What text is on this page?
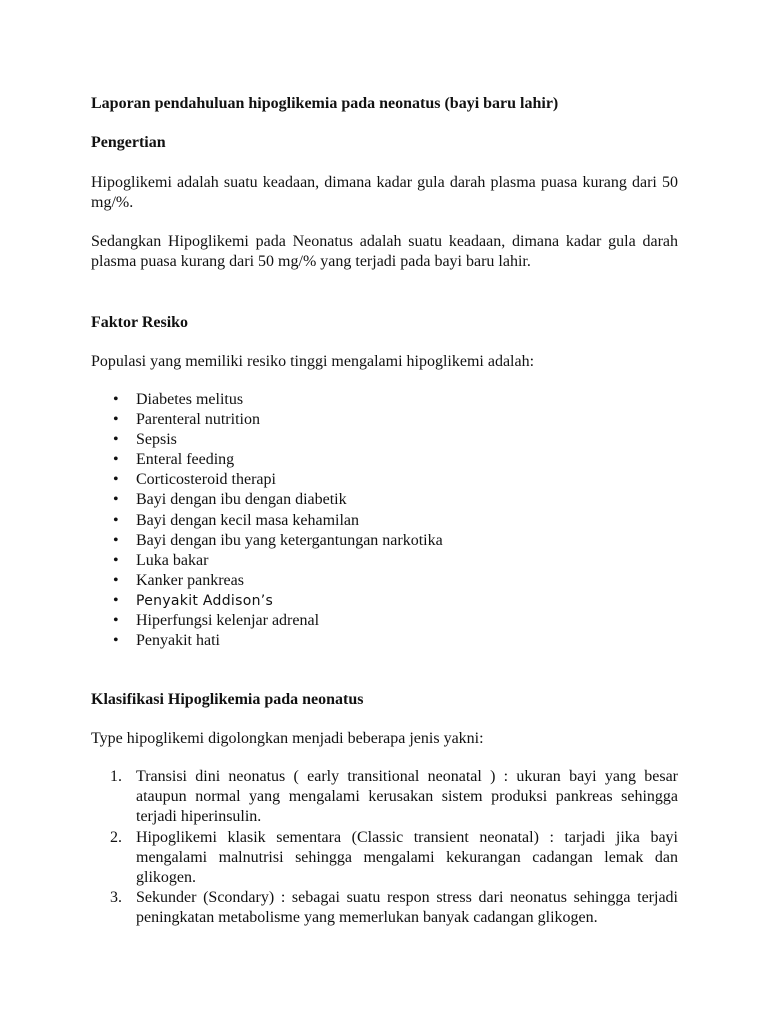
Laporan pendahuluan hipoglikemia pada neonatus (bayi baru lahir)
Pengertian
Hipoglikemi adalah suatu keadaan, dimana kadar gula darah plasma puasa kurang dari 50 mg/%.
Sedangkan Hipoglikemi pada Neonatus adalah suatu keadaan, dimana kadar gula darah plasma puasa kurang dari 50 mg/% yang terjadi pada bayi baru lahir.
Faktor Resiko
Populasi yang memiliki resiko tinggi mengalami hipoglikemi adalah:
• Diabetes melitus
• Parenteral nutrition
• Sepsis
• Enteral feeding
• Corticosteroid therapi
• Bayi dengan ibu dengan diabetik
• Bayi dengan kecil masa kehamilan
• Bayi dengan ibu yang ketergantungan narkotika
• Luka bakar
• Kanker pankreas
• Penyakit Addison’s
• Hiperfungsi kelenjar adrenal
• Penyakit hati
Klasifikasi Hipoglikemia pada neonatus
Type hipoglikemi digolongkan menjadi beberapa jenis yakni:
1. Transisi dini neonatus ( early transitional neonatal ) : ukuran bayi yang besar ataupun normal yang mengalami kerusakan sistem produksi pankreas sehingga terjadi hiperinsulin.
2. Hipoglikemi klasik sementara (Classic transient neonatal) : tarjadi jika bayi mengalami malnutrisi sehingga mengalami kekurangan cadangan lemak dan glikogen.
3. Sekunder (Scondary) : sebagai suatu respon stress dari neonatus sehingga terjadi peningkatan metabolisme yang memerlukan banyak cadangan glikogen.
